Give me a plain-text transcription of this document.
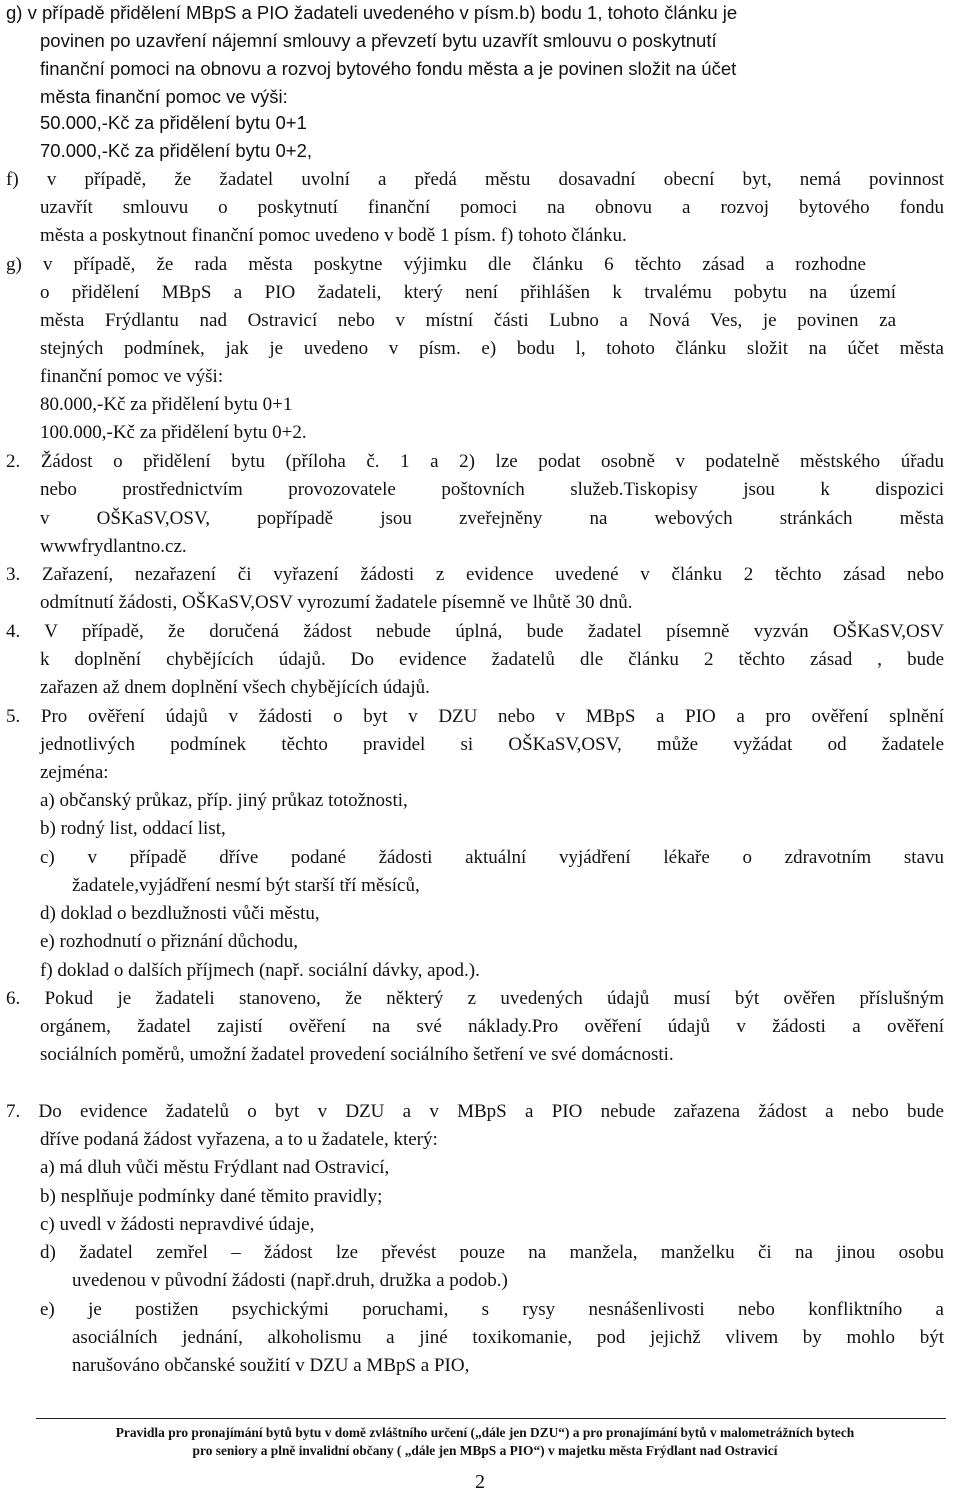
g) v případě přidělení MBpS a PIO žadateli uvedeného v písm.b) bodu 1, tohoto článku je
povinen po uzavření nájemní smlouvy a převzetí bytu uzavřít smlouvu o poskytnutí
finanční pomoci na obnovu a rozvoj bytového fondu města a je povinen složit na účet
města finanční pomoc ve výši:
50.000,-Kč za přidělení bytu 0+1
70.000,-Kč za přidělení bytu 0+2,
f) v případě, že žadatel uvolní a předá městu dosavadní obecní byt, nemá povinnost
uzavřít smlouvu o poskytnutí finanční pomoci na obnovu a rozvoj bytového fondu
města a poskytnout finanční pomoc uvedeno v bodě 1 písm. f) tohoto článku.
g) v případě, že rada města poskytne výjimku dle článku 6 těchto zásad a rozhodne
o přidělení MBpS a PIO žadateli, který není přihlášen k trvalému pobytu na území
města Frýdlantu nad Ostravicí nebo v místní části Lubno a Nová Ves, je povinen za
stejných podmínek, jak je uvedeno v písm. e) bodu l, tohoto článku složit na účet města
finanční pomoc ve výši:
80.000,-Kč za přidělení bytu 0+1
100.000,-Kč za přidělení bytu 0+2.
2. Žádost o přidělení bytu (příloha č. 1 a 2) lze podat osobně v podatelně městského úřadu
nebo prostřednictvím provozovatele poštovních služeb.Tiskopisy jsou k dispozici
v OŠKaSV,OSV, popřípadě jsou zveřejněny na webových stránkách města
wwwfrydlantno.cz.
3. Zařazení, nezařazení či vyřazení žádosti z evidence uvedené v článku 2 těchto zásad nebo
odmítnutí žádosti, OŠKaSV,OSV vyrozumí žadatele písemně ve lhůtě 30 dnů.
4. V případě, že doručená žádost nebude úplná, bude žadatel písemně vyzván OŠKaSV,OSV
k doplnění chybějících údajů. Do evidence žadatelů dle článku 2 těchto zásad , bude
zařazen až dnem doplnění všech chybějících údajů.
5. Pro ověření údajů v žádosti o byt v DZU nebo v MBpS a PIO a pro ověření splnění
jednotlivých podmínek těchto pravidel si OŠKaSV,OSV, může vyžádat od žadatele
zejména:
a) občanský průkaz, příp. jiný průkaz totožnosti,
b) rodný list, oddací list,
c) v případě dříve podané žádosti aktuální vyjádření lékaře o zdravotním stavu
žadatele,vyjádření nesmí být starší tří měsíců,
d) doklad o bezdlužnosti vůči městu,
e) rozhodnutí o přiznání důchodu,
f) doklad o dalších příjmech (např. sociální dávky, apod.).
6. Pokud je žadateli stanoveno, že některý z uvedených údajů musí být ověřen příslušným
orgánem, žadatel zajistí ověření na své náklady.Pro ověření údajů v žádosti a ověření
sociálních poměrů, umožní žadatel provedení sociálního šetření ve své domácnosti.
7. Do evidence žadatelů o byt v DZU a v MBpS a PIO nebude zařazena žádost a nebo bude
dříve podaná žádost vyřazena, a to u žadatele, který:
a) má dluh vůči městu Frýdlant nad Ostravicí,
b) nesplňuje podmínky dané těmito pravidly;
c) uvedl v žádosti nepravdivé údaje,
d) žadatel zemřel – žádost lze převést pouze na manželа, manželku či na jinou osobu
uvedenou v původní žádosti (např.druh, družka a podob.)
e) je postižen psychickými poruchami, s rysy nesnášenlivosti nebo konfliktního a
asociálních jednání, alkoholismu a jiné toxikomanie, pod jejichž vlivem by mohlo být
narušováno občanské soužití v DZU a MBpS a PIO,
Pravidla pro pronajímání bytů bytu v domě zvláštního určení („dále jen DZU“) a pro pronajímání bytů v malometrážních bytech
pro seniory a plně invalidní občany ( „dále jen MBpS a PIO“) v majetku města Frýdlant nad Ostravicí
2
